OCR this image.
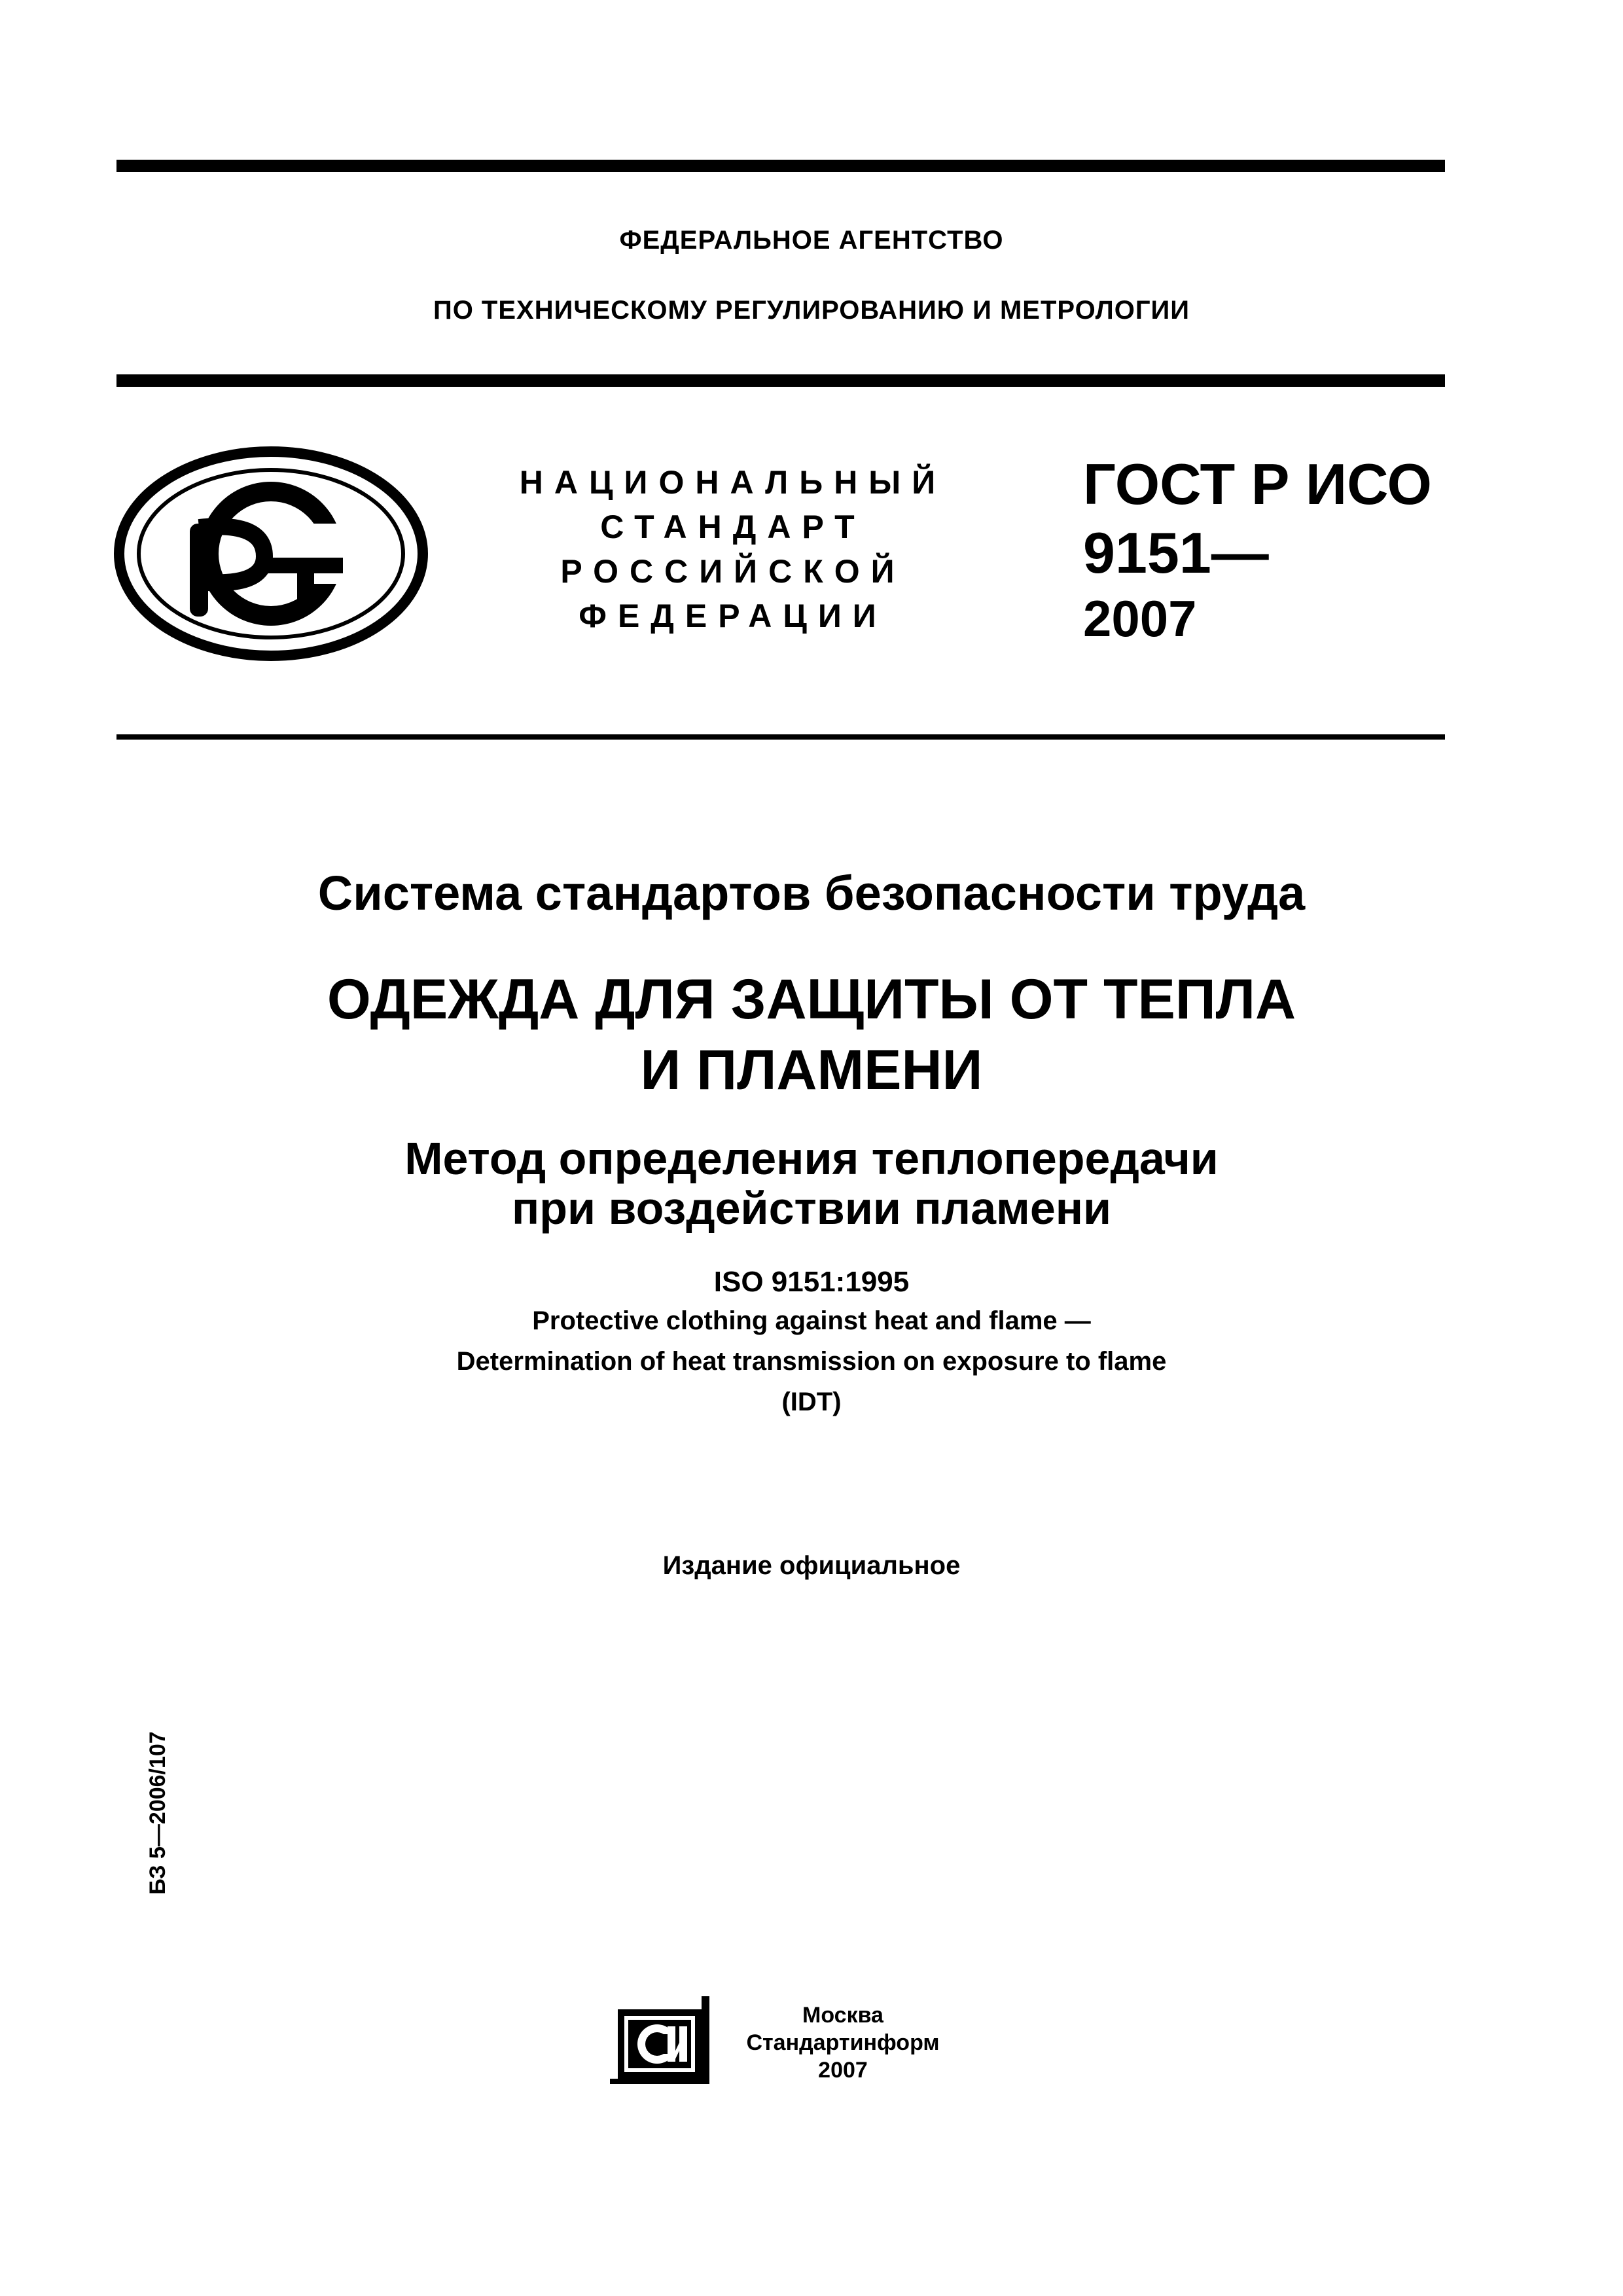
ФЕДЕРАЛЬНОЕ АГЕНТСТВО
ПО ТЕХНИЧЕСКОМУ РЕГУЛИРОВАНИЮ И МЕТРОЛОГИИ
НАЦИОНАЛЬНЫЙ
СТАНДАРТ
РОССИЙСКОЙ
ФЕДЕРАЦИИ
ГОСТ Р ИСО
9151—
2007
Система стандартов безопасности труда
ОДЕЖДА ДЛЯ ЗАЩИТЫ ОТ ТЕПЛА
И ПЛАМЕНИ
Метод определения теплопередачи
при воздействии пламени
ISO 9151:1995
Protective clothing against heat and flame —
Determination of heat transmission on exposure to flame
(IDT)
Издание официальное
БЗ 5—2006/107
Москва
Стандартинформ
2007
